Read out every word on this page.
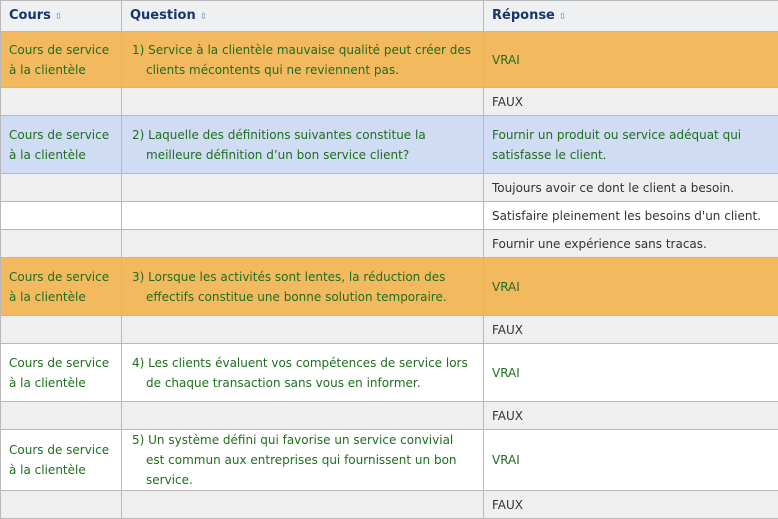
Cours ⇳	Question ⇳	Réponse ⇳
Cours de service à la clientèle	1) Service à la clientèle mauvaise qualité peut créer des clients mécontents qui ne reviennent pas.	VRAI
		FAUX
Cours de service à la clientèle	2) Laquelle des définitions suivantes constitue la meilleure définition d’un bon service client?	Fournir un produit ou service adéquat qui satisfasse le client.
		Toujours avoir ce dont le client a besoin.
		Satisfaire pleinement les besoins d'un client.
		Fournir une expérience sans tracas.
Cours de service à la clientèle	3) Lorsque les activités sont lentes, la réduction des effectifs constitue une bonne solution temporaire.	VRAI
		FAUX
Cours de service à la clientèle	4) Les clients évaluent vos compétences de service lors de chaque transaction sans vous en informer.	VRAI
		FAUX
Cours de service à la clientèle	5) Un système défini qui favorise un service convivial est commun aux entreprises qui fournissent un bon service.	VRAI
		FAUX
